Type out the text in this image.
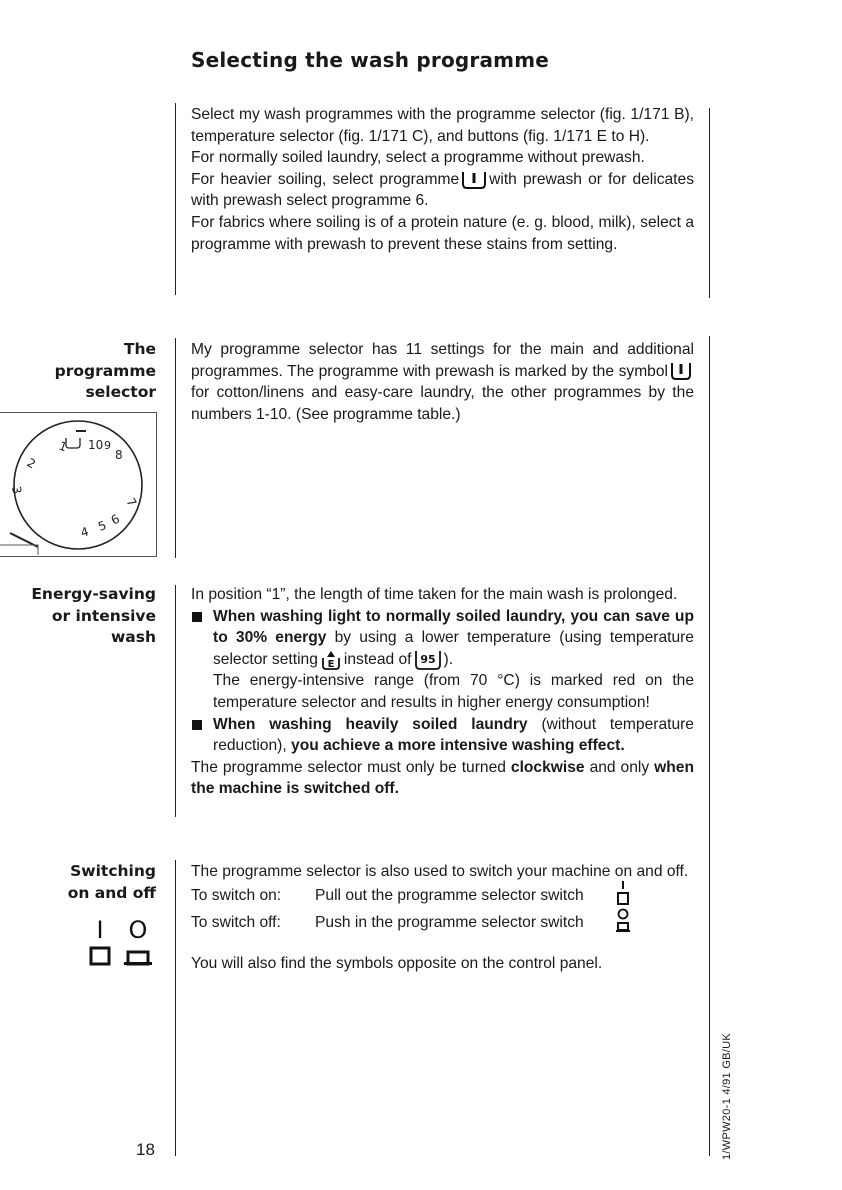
Selecting the wash programme

Select my wash programmes with the programme selector (fig. 1/171 B), temperature selector (fig. 1/171 C), and buttons (fig. 1/171 E to H).

For normally soiled laundry, select a programme without prewash.

For heavier soiling, select programme with prewash or for delicates with prewash select programme 6.

For fabrics where soiling is of a protein nature (e. g. blood, milk), select a programme with prewash to prevent these stains from setting.

The
programme
selector
10 9
8
7
6
5
4
3
2
1

My programme selector has 11 settings for the main and additional programmes. The programme with prewash is marked by the symbolfor cotton/linens and easy-care laundry, the other programmes by the numbers 1-10. (See programme table.)

Energy-saving
or intensive
wash

In position “1”, the length of time taken for the main wash is prolonged.

When washing light to normally soiled laundry, you can save up to 30% energy by using a lower temperature (using temperature selector setting E instead of 95 ).
The energy-intensive range (from 70 °C) is marked red on the temperature selector and results in higher energy consumption!
When washing heavily soiled laundry (without temperature reduction), you achieve a more intensive washing effect.

The programme selector must only be turned clockwise and only when the machine is switched off.

Switching
on and off
I O

The programme selector is also used to switch your machine on and off.

To switch on: Pull out the programme selector switch
To switch off: Push in the programme selector switch

You will also find the symbols opposite on the control panel.

18	1/WPW20-1 4/91 GB/UK
